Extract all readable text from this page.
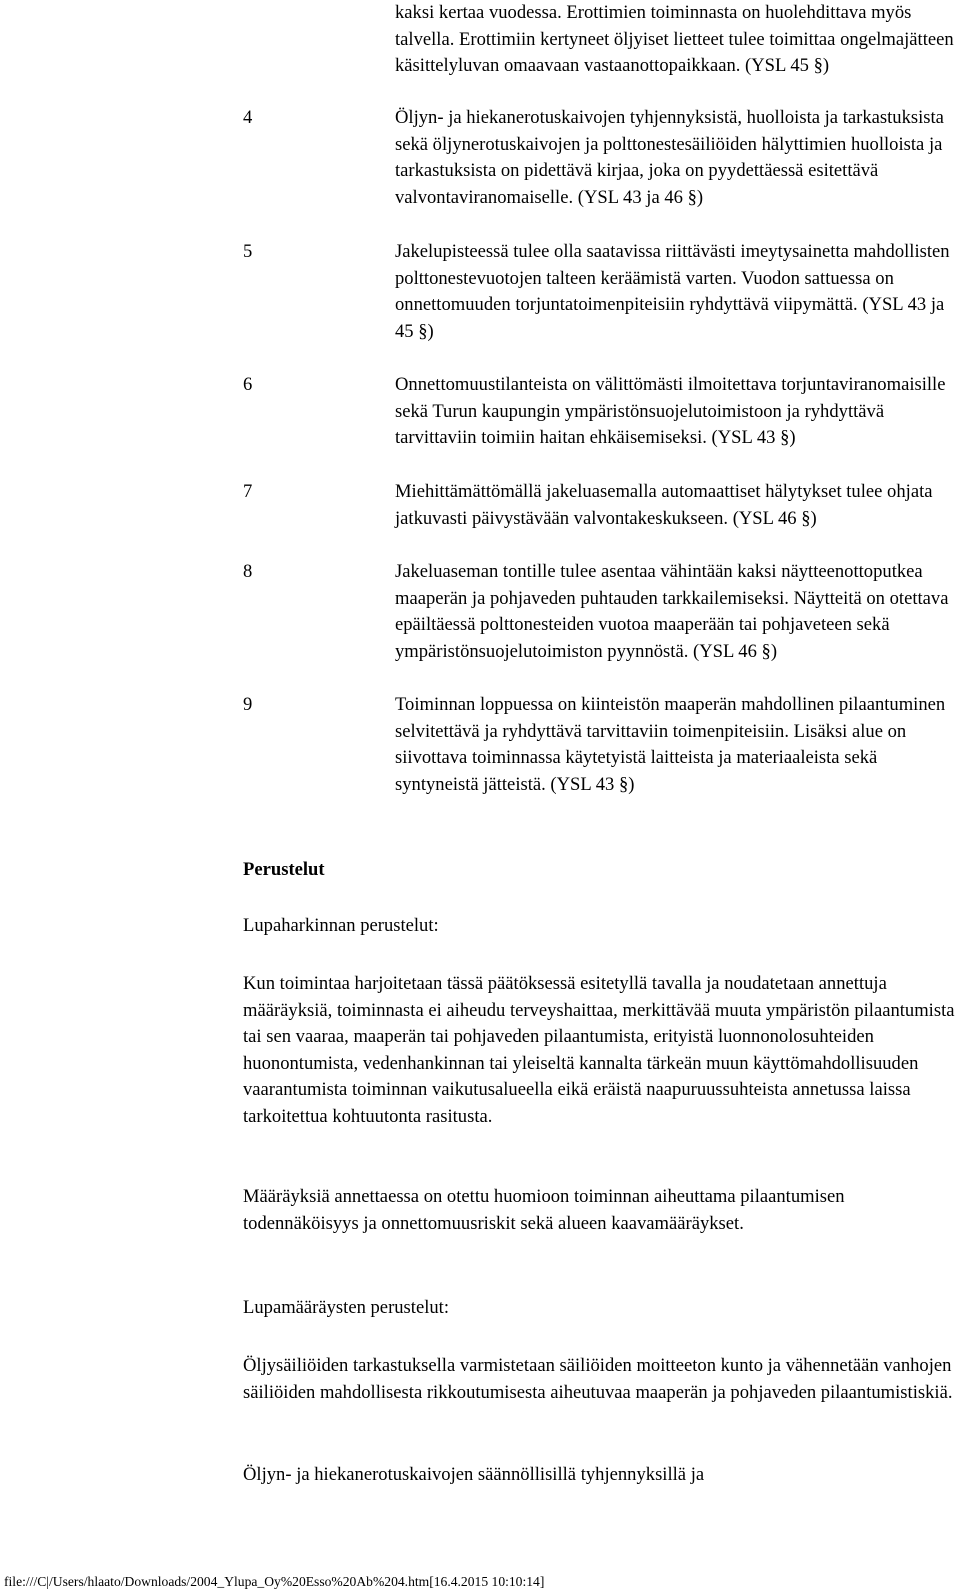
kaksi kertaa vuodessa. Erottimien toiminnasta on huolehdittava myös talvella. Erottimiin kertyneet öljyiset lietteet tulee toimittaa ongelmajätteen käsittelyluvan omaavaan vastaanottopaikkaan. (YSL 45 §)

4	Öljyn- ja hiekanerotuskaivojen tyhjennyksistä, huolloista ja tarkastuksista sekä öljynerotuskaivojen ja polttonestesäiliöiden hälyttimien huolloista ja tarkastuksista on pidettävä kirjaa, joka on pyydettäessä esitettävä valvontaviranomaiselle. (YSL 43 ja 46 §)

5	Jakelupisteessä tulee olla saatavissa riittävästi imeytysainetta mahdollisten polttonestevuotojen talteen keräämistä varten. Vuodon sattuessa on onnettomuuden torjuntatoimenpiteisiin ryhdyttävä viipymättä. (YSL 43 ja 45 §)

6	Onnettomuustilanteista on välittömästi ilmoitettava torjuntaviranomaisille sekä Turun kaupungin ympäristönsuojelutoimistoon ja ryhdyttävä tarvittaviin toimiin haitan ehkäisemiseksi. (YSL 43 §)

7	Miehittämättömällä jakeluasemalla automaattiset hälytykset tulee ohjata jatkuvasti päivystävään valvontakeskukseen. (YSL 46 §)

8	Jakeluaseman tontille tulee asentaa vähintään kaksi näytteenottoputkea maaperän ja pohjaveden puhtauden tarkkailemiseksi. Näytteitä on otettava epäiltäessä polttonesteiden vuotoa maaperään tai pohjaveteen sekä ympäristönsuojelutoimiston pyynnöstä. (YSL 46 §)

9	Toiminnan loppuessa on kiinteistön maaperän mahdollinen pilaantuminen selvitettävä ja ryhdyttävä tarvittaviin toimenpiteisiin. Lisäksi alue on siivottava toiminnassa käytetyistä laitteista ja materiaaleista sekä syntyneistä jätteistä. (YSL 43 §)

Perustelut

Lupaharkinnan perustelut:

Kun toimintaa harjoitetaan tässä päätöksessä esitetyllä tavalla ja noudatetaan annettuja määräyksiä, toiminnasta ei aiheudu terveyshaittaa, merkittävää muuta ympäristön pilaantumista tai sen vaaraa, maaperän tai pohjaveden pilaantumista, erityistä luonnonolosuhteiden huonontumista, vedenhankinnan tai yleiseltä kannalta tärkeän muun käyttömahdollisuuden vaarantumista toiminnan vaikutusalueella eikä eräistä naapuruussuhteista annetussa laissa tarkoitettua kohtuutonta rasitusta.

Määräyksiä annettaessa on otettu huomioon toiminnan aiheuttama pilaantumisen todennäköisyys ja onnettomuusriskit sekä alueen kaavamääräykset.

Lupamääräysten perustelut:

Öljysäiliöiden tarkastuksella varmistetaan säiliöiden moitteeton kunto ja vähennetään vanhojen säiliöiden mahdollisesta rikkoutumisesta aiheutuvaa maaperän ja pohjaveden pilaantumistiskiä.

Öljyn- ja hiekanerotuskaivojen säännöllisillä tyhjennyksillä ja

file:///C|/Users/hlaato/Downloads/2004_Ylupa_Oy%20Esso%20Ab%204.htm[16.4.2015 10:10:14]
